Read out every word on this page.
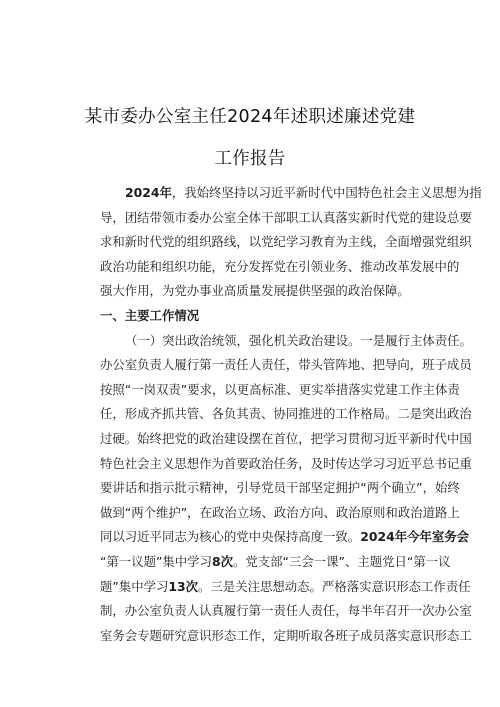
某市委办公室主任2024年述职述廉述党建
工作报告
2024年，我始终坚持以习近平新时代中国特色社会主义思想为指
导，团结带领市委办公室全体干部职工认真落实新时代党的建设总要
求和新时代党的组织路线，以党纪学习教育为主线，全面增强党组织
政治功能和组织功能，充分发挥党在引领业务、推动改革发展中的
强大作用，为党办事业高质量发展提供坚强的政治保障。
一、主要工作情况
（一）突出政治统领，强化机关政治建设。一是履行主体责任。
办公室负责人履行第一责任人责任，带头管阵地、把导向，班子成员
按照“一岗双责”要求，以更高标准、更实举措落实党建工作主体责
任，形成齐抓共管、各负其责、协同推进的工作格局。二是突出政治
过硬。始终把党的政治建设摆在首位，把学习贯彻习近平新时代中国
特色社会主义思想作为首要政治任务，及时传达学习习近平总书记重
要讲话和指示批示精神，引导党员干部坚定拥护“两个确立”，始终
做到“两个维护”，在政治立场、政治方向、政治原则和政治道路上
同以习近平同志为核心的党中央保持高度一致。2024年今年室务会
“第一议题”集中学习8次。党支部“三会一课”、主题党日“第一议
题”集中学习13次。三是关注思想动态。严格落实意识形态工作责任
制，办公室负责人认真履行第一责任人责任，每半年召开一次办公室
室务会专题研究意识形态工作，定期听取各班子成员落实意识形态工
